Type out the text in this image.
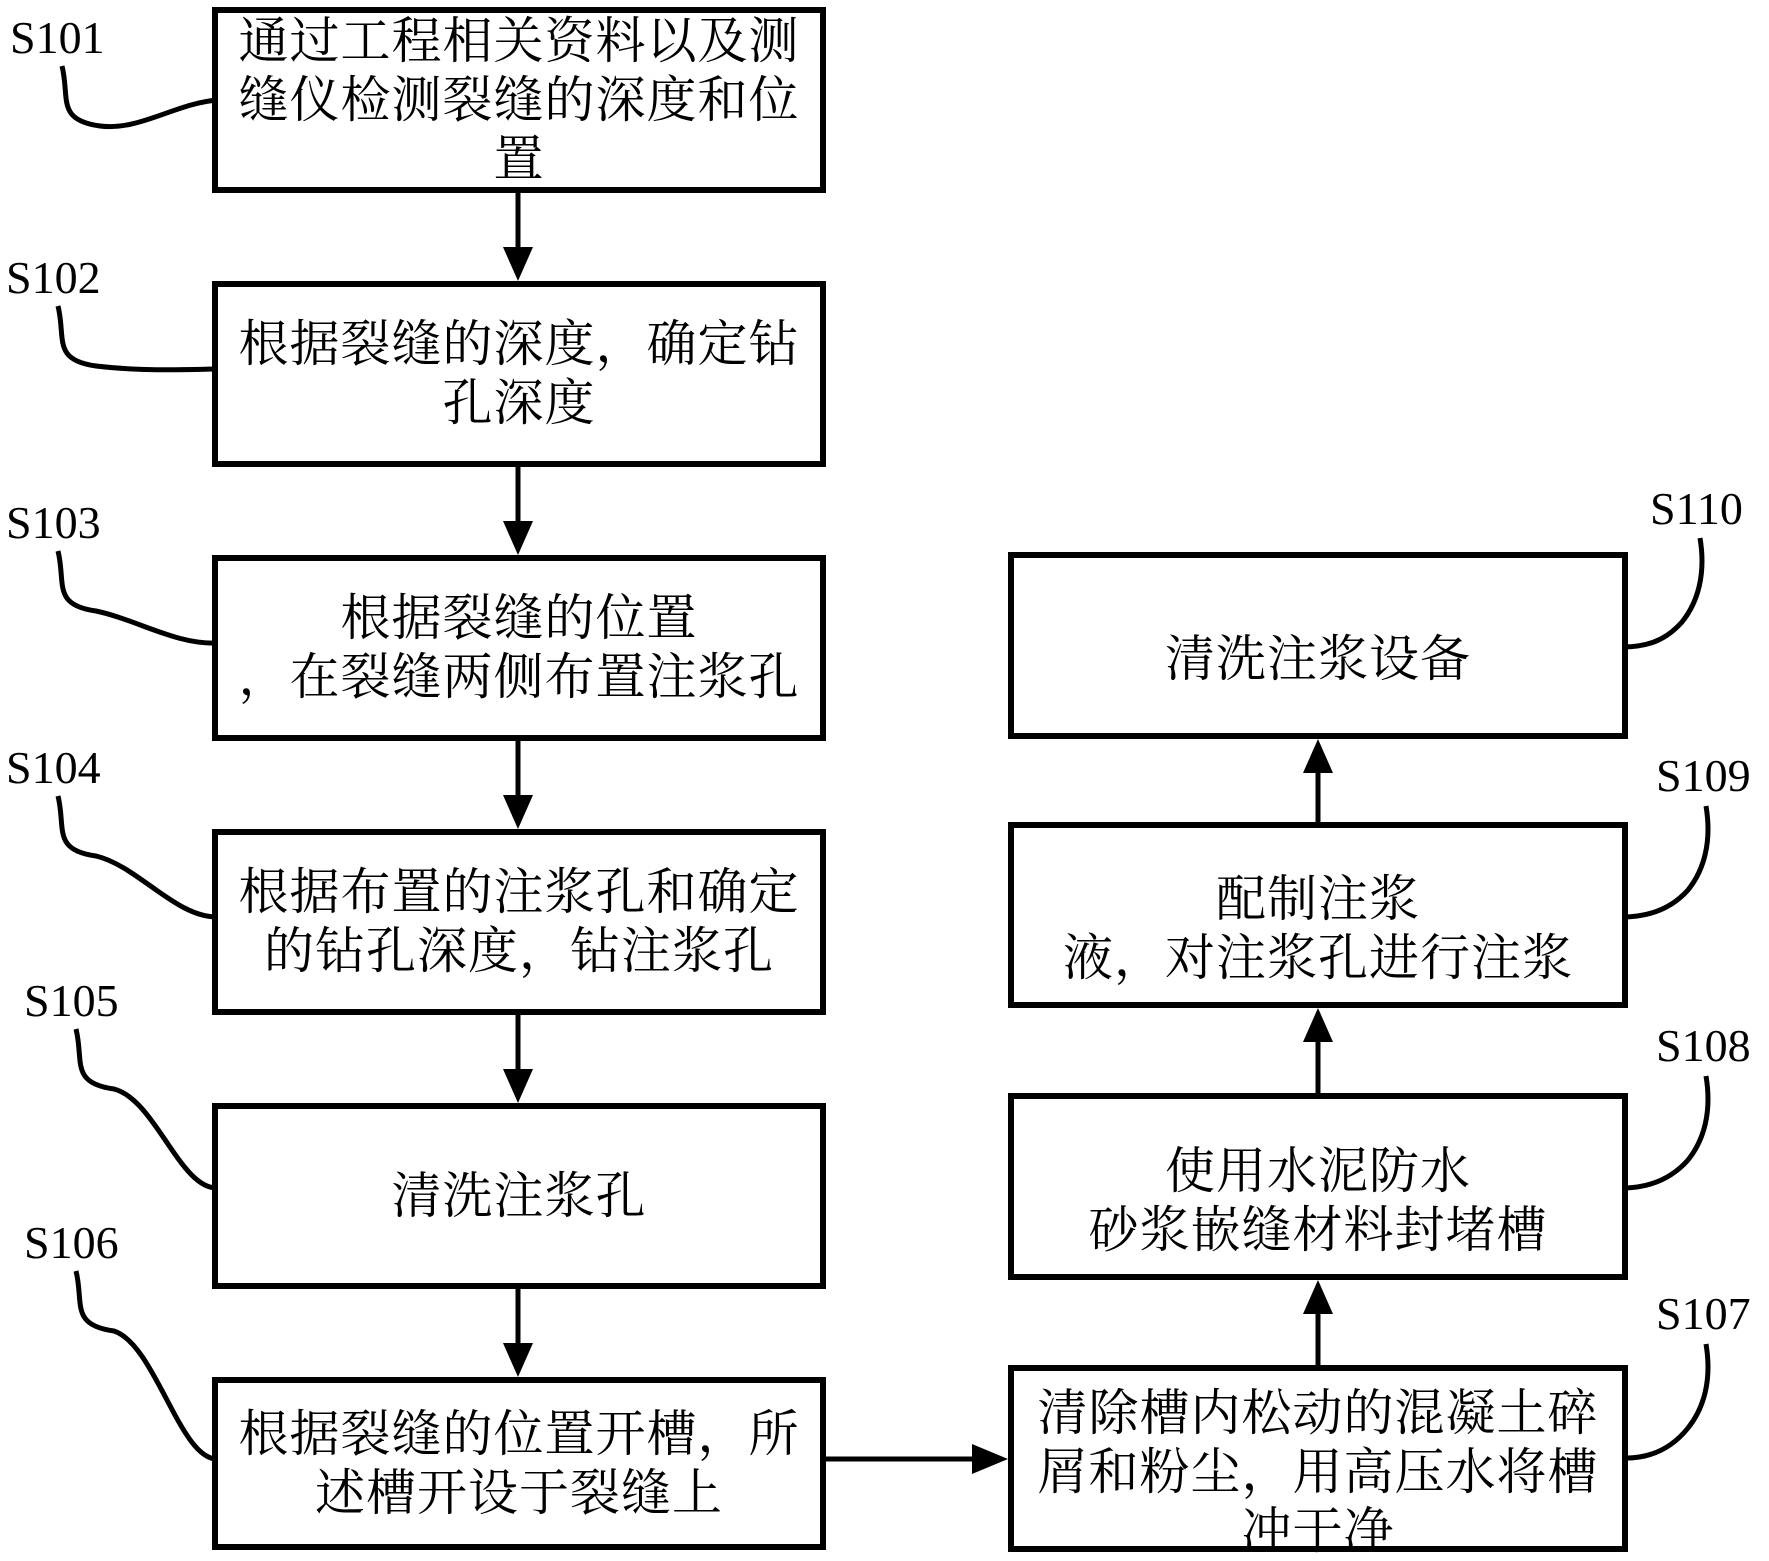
通过工程相关资料以及测
缝仪检测裂缝的深度和位
置
根据裂缝的深度，确定钻
孔深度
根据裂缝的位置
，在裂缝两侧布置注浆孔
根据布置的注浆孔和确定
的钻孔深度，钻注浆孔
清洗注浆孔
根据裂缝的位置开槽，所
述槽开设于裂缝上
清除槽内松动的混凝土碎
屑和粉尘，用高压水将槽
冲干净
使用水泥防水
砂浆嵌缝材料封堵槽
配制注浆
液，对注浆孔进行注浆
清洗注浆设备
S101
S102
S103
S104
S105
S106
S107
S108
S109
S110
